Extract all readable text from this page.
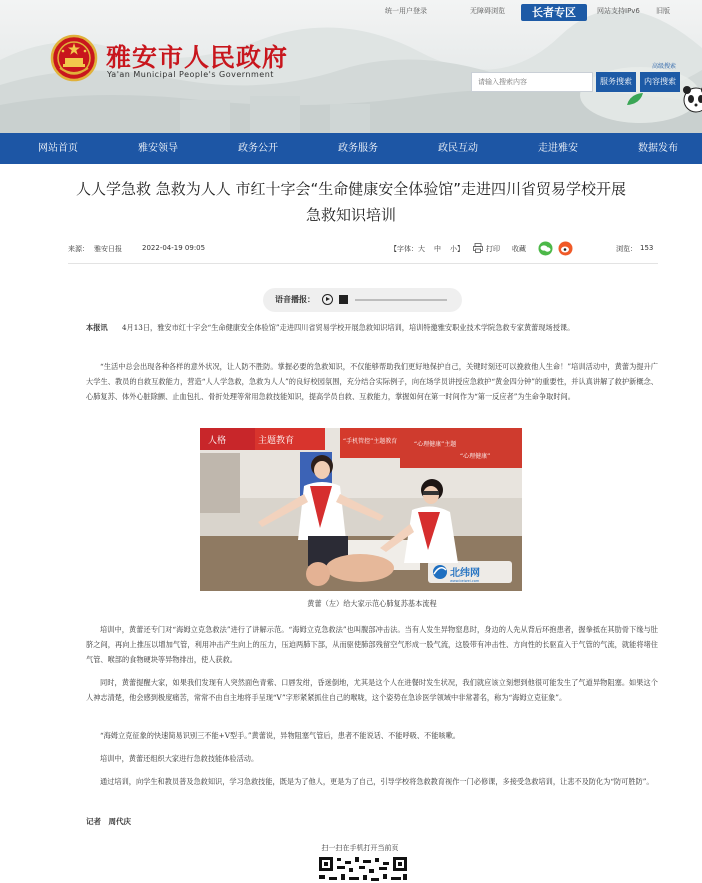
统一用户登录	无障碍浏览	网站支持IPv6 旧版
长者专区
雅安市人民政府
Ya'an Municipal People's Government
高级搜索
请输入搜索内容	服务搜索	内容搜索
网站首页	雅安领导	政务公开	政务服务	政民互动	走进雅安	数据发布
人人学急救 急救为人人 市红十字会“生命健康安全体验馆”走进四川省贸易学校开展
急救知识培训
来源： 雅安日报	2022-04-19 09:05	【字体： 大 中 小】	打印 收藏	浏览： 153
语音播报：
本报讯　　4月13日，雅安市红十字会“生命健康安全体验馆”走进四川省贸易学校开展急救知识培训，培训特邀雅安职业技术学院急救专家黄蕾现场授课。
“生活中总会出现各种各样的意外状况，让人防不胜防。掌握必要的急救知识，不仅能够帮助我们更好地保护自己，关键时刻还可以挽救他人生命！”培训活动中，黄蕾为提升广大学生、教员的自救互救能力，营造“人人学急救，急救为人人”的良好校园氛围，充分结合实际例子，向在场学员讲授应急救护“黄金四分钟”的重要性，并认真讲解了救护新概念、心肺复苏、体外心脏除颤、止血包扎、骨折处理等常用急救技能知识，提高学员自救、互救能力，掌握如何在第一时间作为“第一反应者”为生命争取时间。
人格	主题教育	“手机管控”主题教育	“心理健康”主题
“心理健康”
北纬网
www.beiwei.com
黄蕾（左）给大家示范心肺复苏基本流程
培训中，黄蕾还专门对“海姆立克急救法”进行了讲解示范。“海姆立克急救法”也叫腹部冲击法。当有人发生异物窒息时，身边的人先从背后环抱患者，握拳抵在其肋骨下缘与肚脐之间，再向上推压以增加气管，利用冲击产生向上的压力，压迫两肺下部，从而驱使肺部残留空气形成一股气流，这股带有冲击性、方向性的长驱直入于气管的气流，就能将堵住气管、喉部的食物硬块等异物排出，使人获救。
同时，黄蕾提醒大家，如果我们发现有人突然面色青紫、口唇发绀，昏迷倒地，尤其是这个人在进餐时发生状况，我们就应该立刻想到他很可能发生了气道异物阻塞。如果这个人神志清楚，他会感到极度痛苦，常常不由自主地将手呈现“V”字形紧紧抓住自己的喉咙，这个姿势在急诊医学领域中非常著名，称为“海姆立克征象”。
“海姆立克征象的快速简易识别三不能+V型手。”黄蕾说，异物阻塞气管后，患者不能说话、不能呼吸、不能咳嗽。
培训中，黄蕾还组织大家进行急救技能体验活动。
通过培训，向学生和教员普及急救知识，学习急救技能，既是为了他人，更是为了自己，引导学校将急救教育视作一门必修课，多接受急救培训，让悲不及防化为“防可胜防”。
记者　周代庆
扫一扫在手机打开当前页
